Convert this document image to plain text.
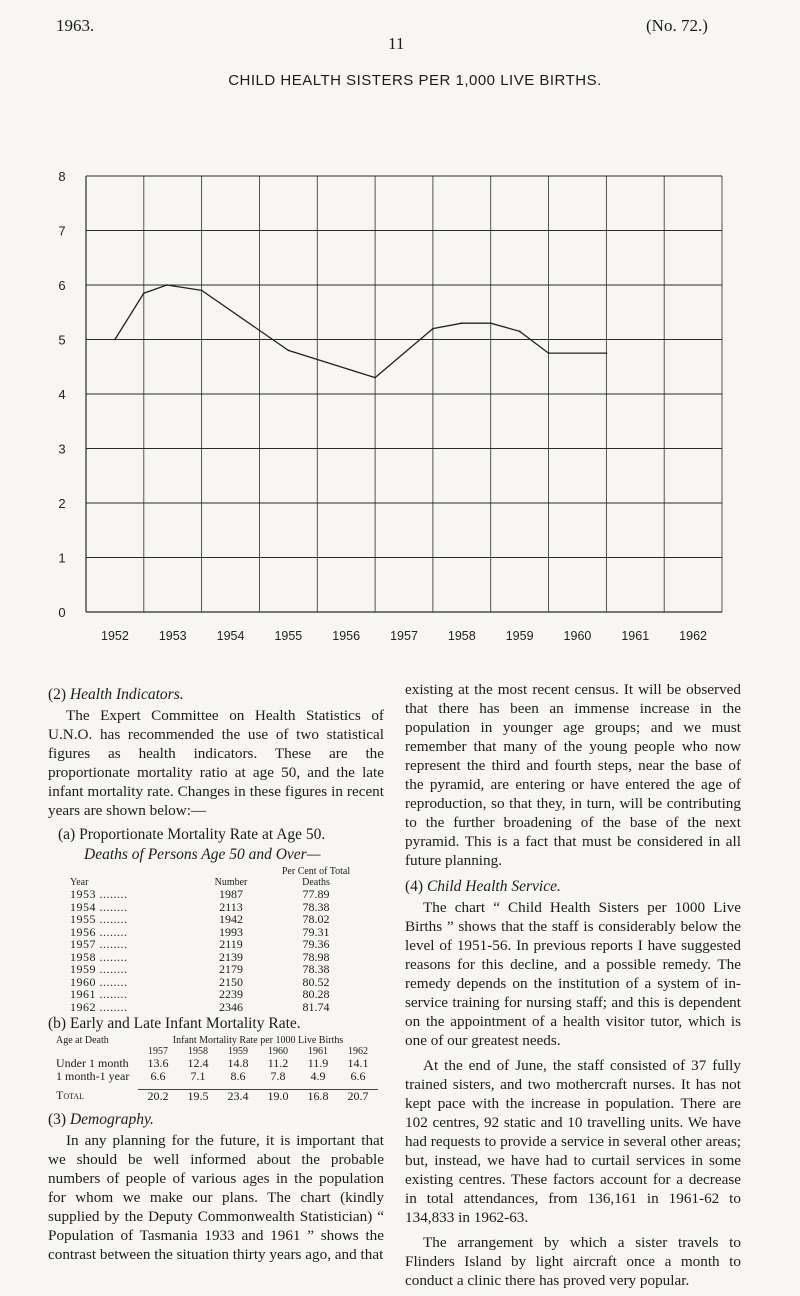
1963.
11
(No. 72.)
CHILD HEALTH SISTERS PER 1,000 LIVE BIRTHS.
0
1
2
3
4
5
6
7
8
1952 1953 1954 1955 1956 1957 1958 1959 1960 1961 1962
(2) Health Indicators.

The Expert Committee on Health Statistics of U.N.O. has recommended the use of two statistical figures as health indicators. These are the proportionate mortality ratio at age 50, and the late infant mortality rate. Changes in these figures in recent years are shown below:—

(a) Proportionate Mortality Rate at Age 50.
Deaths of Persons Age 50 and Over—
Year	Number	Per Cent of Total Deaths
1953 ........	1987	77.89
1954 ........	2113	78.38
1955 ........	1942	78.02
1956 ........	1993	79.31
1957 ........	2119	79.36
1958 ........	2139	78.98
1959 ........	2179	78.38
1960 ........	2150	80.52
1961 ........	2239	80.28
1962 ........	2346	81.74
(b) Early and Late Infant Mortality Rate.
Age at Death	Infant Mortality Rate per 1000 Live Births					
	1957	1958	1959	1960	1961	1962
Under 1 month	13.6	12.4	14.8	11.2	11.9	14.1
1 month-1 year	6.6	7.1	8.6	7.8	4.9	6.6

Total	20.2	19.5	23.4	19.0	16.8	20.7
(3) Demography.

In any planning for the future, it is important that we should be well informed about the probable numbers of people of various ages in the population for whom we make our plans. The chart (kindly supplied by the Deputy Commonwealth Statistician) “ Population of Tasmania 1933 and 1961 ” shows the contrast between the situation thirty years ago, and that

existing at the most recent census. It will be observed that there has been an immense increase in the population in younger age groups; and we must remember that many of the young people who now represent the third and fourth steps, near the base of the pyramid, are entering or have entered the age of reproduction, so that they, in turn, will be contributing to the further broadening of the base of the next pyramid. This is a fact that must be considered in all future planning.

(4) Child Health Service.

The chart “ Child Health Sisters per 1000 Live Births ” shows that the staff is considerably below the level of 1951-56. In previous reports I have suggested reasons for this decline, and a possible remedy. The remedy depends on the institution of a system of in-service training for nursing staff; and this is dependent on the appointment of a health visitor tutor, which is one of our greatest needs.

At the end of June, the staff consisted of 37 fully trained sisters, and two mothercraft nurses. It has not kept pace with the increase in population. There are 102 centres, 92 static and 10 travelling units. We have had requests to provide a service in several other areas; but, instead, we have had to curtail services in some existing centres. These factors account for a decrease in total attendances, from 136,161 in 1961-62 to 134,833 in 1962-63.

The arrangement by which a sister travels to Flinders Island by light aircraft once a month to conduct a clinic there has proved very popular.
